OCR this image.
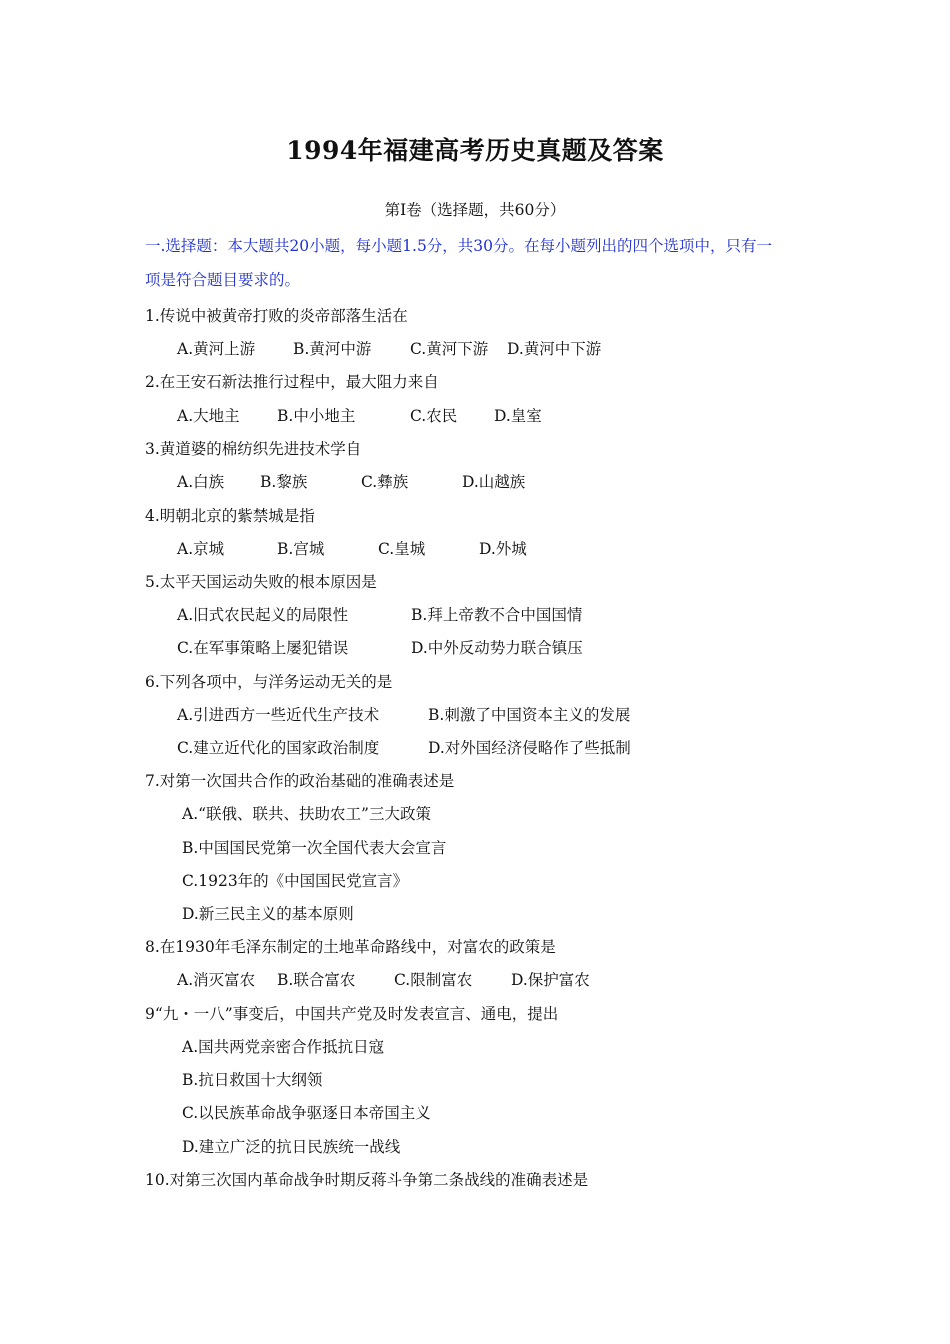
1994年福建高考历史真题及答案
第Ⅰ卷（选择题，共60分）
一.选择题：本大题共20小题，每小题1.5分，共30分。在每小题列出的四个选项中，只有一
项是符合题目要求的。
1.传说中被黄帝打败的炎帝部落生活在
A.黄河上游 B.黄河中游 C.黄河下游 D.黄河中下游
2.在王安石新法推行过程中，最大阻力来自
A.大地主 B.中小地主	C.农民 D.皇室
3.黄道婆的棉纺织先进技术学自
A.白族 B.黎族	C.彝族	D.山越族
4.明朝北京的紫禁城是指
A.京城	B.宫城	C.皇城	D.外城
5.太平天国运动失败的根本原因是
A.旧式农民起义的局限性	B.拜上帝教不合中国国情
C.在军事策略上屡犯错误	D.中外反动势力联合镇压
6.下列各项中，与洋务运动无关的是
A.引进西方一些近代生产技术	B.刺激了中国资本主义的发展
C.建立近代化的国家政治制度	D.对外国经济侵略作了些抵制
7.对第一次国共合作的政治基础的准确表述是
A.“联俄、联共、扶助农工”三大政策
B.中国国民党第一次全国代表大会宣言
C.1923年的《中国国民党宣言》
D.新三民主义的基本原则
8.在1930年毛泽东制定的土地革命路线中，对富农的政策是
A.消灭富农 B.联合富农 C.限制富农	D.保护富农
9“九・一八”事变后，中国共产党及时发表宣言、通电，提出
A.国共两党亲密合作抵抗日寇
B.抗日救国十大纲领
C.以民族革命战争驱逐日本帝国主义
D.建立广泛的抗日民族统一战线
10.对第三次国内革命战争时期反蒋斗争第二条战线的准确表述是
